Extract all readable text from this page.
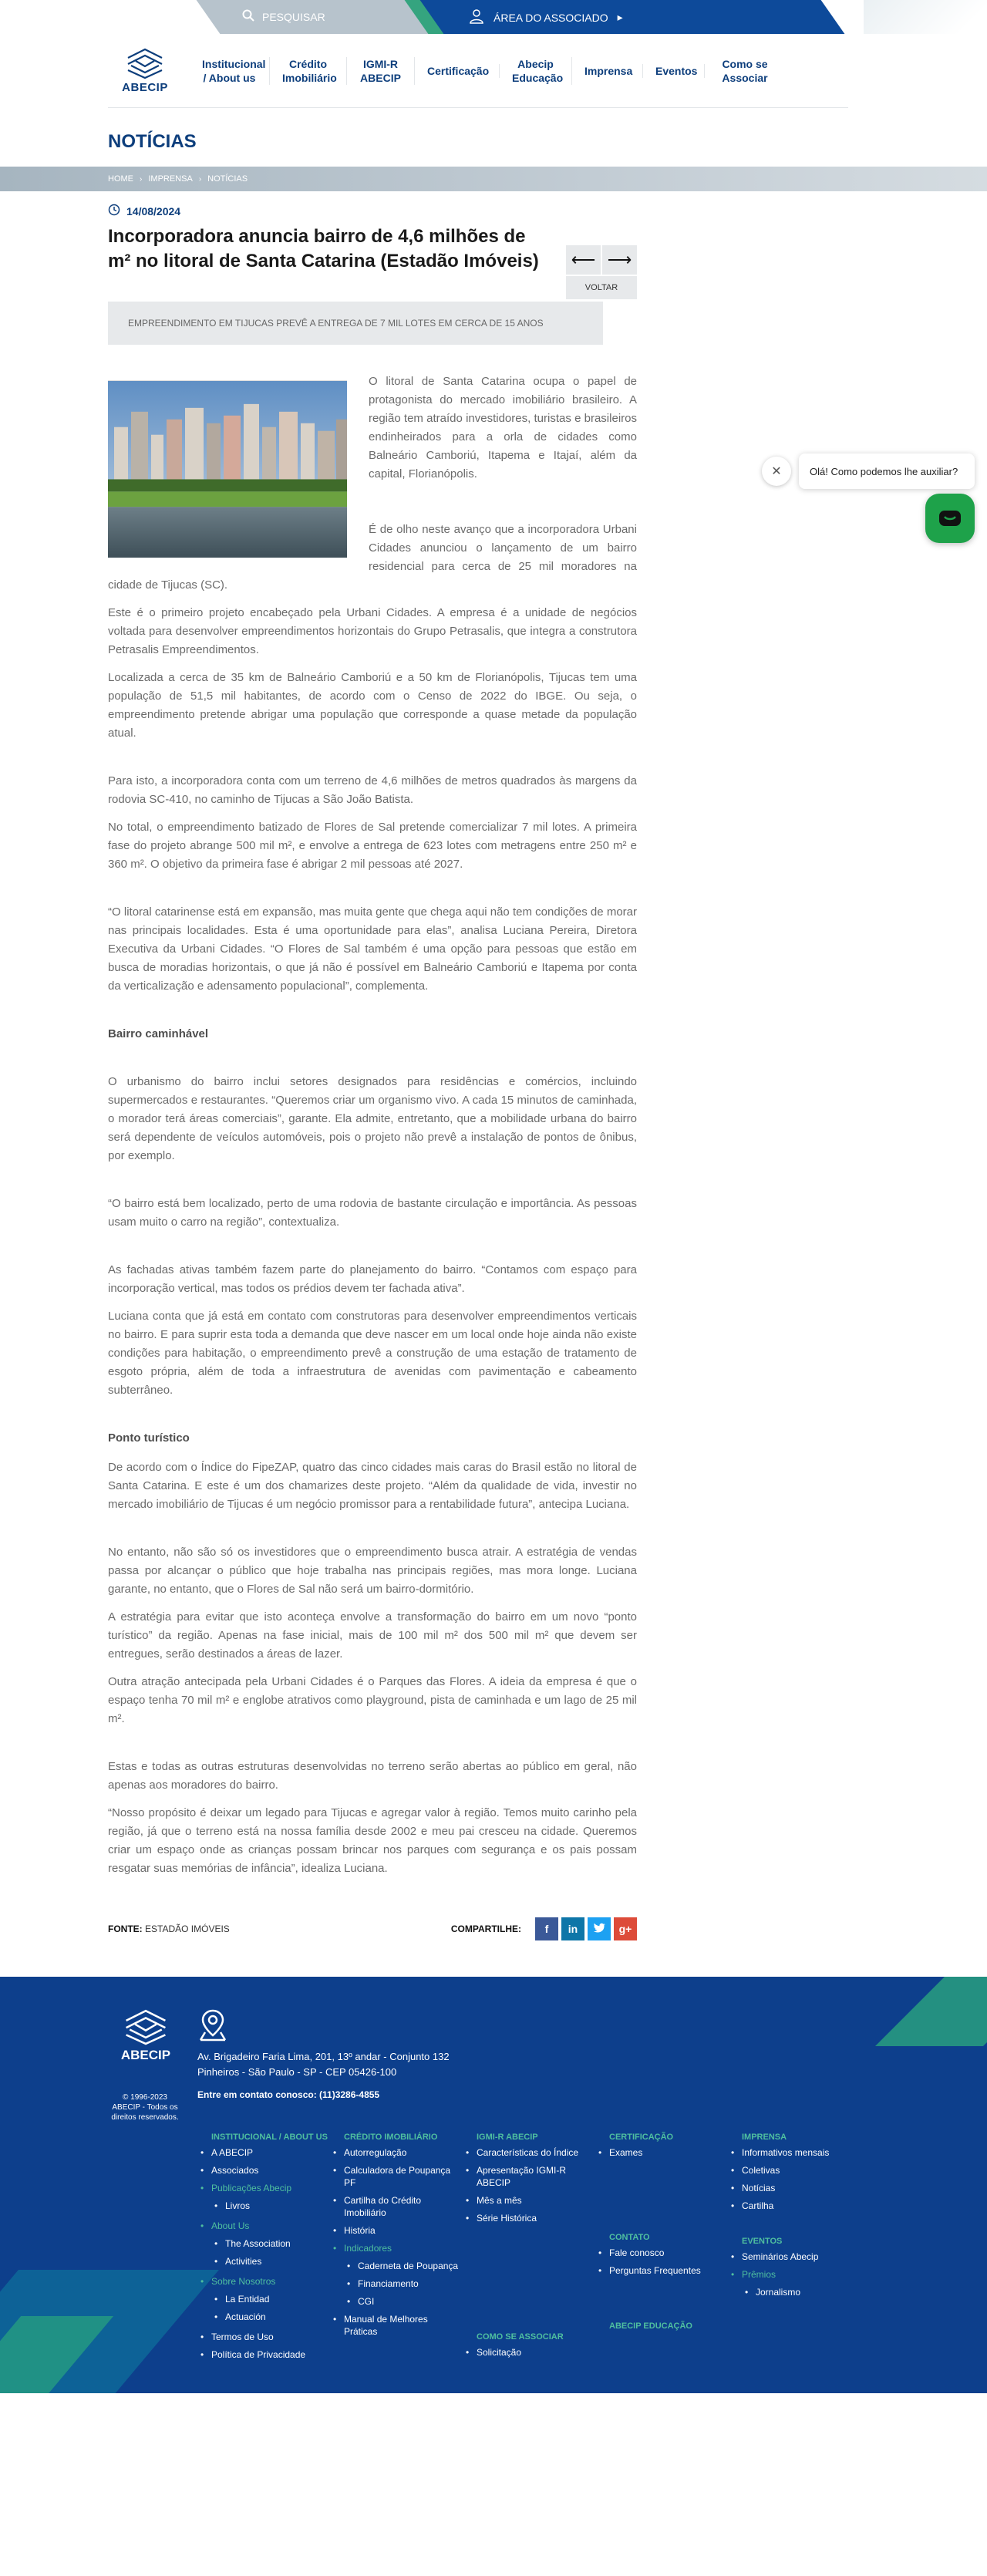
PESQUISAR	ÁREA DO ASSOCIADO ▸
ABECIP
Institucional / About us
Crédito Imobiliário
IGMI-R ABECIP
Certificação
Abecip Educação
Imprensa	Eventos
Como se Associar
NOTÍCIAS
HOME › IMPRENSA › NOTÍCIAS
14/08/2024
Incorporadora anuncia bairro de 4,6 milhões de m² no litoral de Santa Catarina (Estadão Imóveis) ⟵ ⟶
VOLTAR
EMPREENDIMENTO EM TIJUCAS PREVÊ A ENTREGA DE 7 MIL LOTES EM CERCA DE 15 ANOS

O litoral de Santa Catarina ocupa o papel de protagonista do mercado imobiliário brasileiro. A região tem atraído investidores, turistas e brasileiros endinheirados para a orla de cidades como Balneário Camboriú, Itapema e Itajaí, além da capital, Florianópolis.

É de olho neste avanço que a incorporadora Urbani Cidades anunciou o lançamento de um bairro residencial para cerca de 25 mil moradores na cidade de Tijucas (SC).

Este é o primeiro projeto encabeçado pela Urbani Cidades. A empresa é a unidade de negócios voltada para desenvolver empreendimentos horizontais do Grupo Petrasalis, que integra a construtora Petrasalis Empreendimentos.

Localizada a cerca de 35 km de Balneário Camboriú e a 50 km de Florianópolis, Tijucas tem uma população de 51,5 mil habitantes, de acordo com o Censo de 2022 do IBGE. Ou seja, o empreendimento pretende abrigar uma população que corresponde a quase metade da população atual.

Para isto, a incorporadora conta com um terreno de 4,6 milhões de metros quadrados às margens da rodovia SC-410, no caminho de Tijucas a São João Batista.

No total, o empreendimento batizado de Flores de Sal pretende comercializar 7 mil lotes. A primeira fase do projeto abrange 500 mil m², e envolve a entrega de 623 lotes com metragens entre 250 m² e 360 m². O objetivo da primeira fase é abrigar 2 mil pessoas até 2027.

“O litoral catarinense está em expansão, mas muita gente que chega aqui não tem condições de morar nas principais localidades. Esta é uma oportunidade para elas”, analisa Luciana Pereira, Diretora Executiva da Urbani Cidades. “O Flores de Sal também é uma opção para pessoas que estão em busca de moradias horizontais, o que já não é possível em Balneário Camboriú e Itapema por conta da verticalização e adensamento populacional”, complementa.

Bairro caminhável

O urbanismo do bairro inclui setores designados para residências e comércios, incluindo supermercados e restaurantes. “Queremos criar um organismo vivo. A cada 15 minutos de caminhada, o morador terá áreas comerciais”, garante. Ela admite, entretanto, que a mobilidade urbana do bairro será dependente de veículos automóveis, pois o projeto não prevê a instalação de pontos de ônibus, por exemplo.

“O bairro está bem localizado, perto de uma rodovia de bastante circulação e importância. As pessoas usam muito o carro na região”, contextualiza.

As fachadas ativas também fazem parte do planejamento do bairro. “Contamos com espaço para incorporação vertical, mas todos os prédios devem ter fachada ativa”.

Luciana conta que já está em contato com construtoras para desenvolver empreendimentos verticais no bairro. E para suprir esta toda a demanda que deve nascer em um local onde hoje ainda não existe condições para habitação, o empreendimento prevê a construção de uma estação de tratamento de esgoto própria, além de toda a infraestrutura de avenidas com pavimentação e cabeamento subterrâneo.

Ponto turístico

De acordo com o Índice do FipeZAP, quatro das cinco cidades mais caras do Brasil estão no litoral de Santa Catarina. E este é um dos chamarizes deste projeto. “Além da qualidade de vida, investir no mercado imobiliário de Tijucas é um negócio promissor para a rentabilidade futura”, antecipa Luciana.

No entanto, não são só os investidores que o empreendimento busca atrair. A estratégia de vendas passa por alcançar o público que hoje trabalha nas principais regiões, mas mora longe. Luciana garante, no entanto, que o Flores de Sal não será um bairro-dormitório.

A estratégia para evitar que isto aconteça envolve a transformação do bairro em um novo “ponto turístico” da região. Apenas na fase inicial, mais de 100 mil m² dos 500 mil m² que devem ser entregues, serão destinados a áreas de lazer.

Outra atração antecipada pela Urbani Cidades é o Parques das Flores. A ideia da empresa é que o espaço tenha 70 mil m² e englobe atrativos como playground, pista de caminhada e um lago de 25 mil m².

Estas e todas as outras estruturas desenvolvidas no terreno serão abertas ao público em geral, não apenas aos moradores do bairro.

“Nosso propósito é deixar um legado para Tijucas e agregar valor à região. Temos muito carinho pela região, já que o terreno está na nossa família desde 2002 e meu pai cresceu na cidade. Queremos criar um espaço onde as crianças possam brincar nos parques com segurança e os pais possam resgatar suas memórias de infância”, idealiza Luciana.

FONTE: ESTADÃO IMÓVEIS	COMPARTILHE: f in	g+
✕	Olá! Como podemos lhe auxiliar?
ABECIP
© 1996-2023
ABECIP - Todos os direitos reservados.
Av. Brigadeiro Faria Lima, 201, 13º andar - Conjunto 132
Pinheiros - São Paulo - SP - CEP 05426-100
Entre em contato conosco: (11)3286-4855
INSTITUCIONAL / ABOUT US
• A ABECIP
• Associados
• Publicações Abecip
• Livros
• About Us
• The Association
• Activities
• Sobre Nosotros
• La Entidad
• Actuación
• Termos de Uso
• Política de Privacidade
CRÉDITO IMOBILIÁRIO
• Autorregulação
• Calculadora de Poupança PF
• Cartilha do Crédito Imobiliário
• História
• Indicadores
• Caderneta de Poupança
• Financiamento
• CGI
• Manual de Melhores Práticas
IGMI-R ABECIP
• Características do Índice
• Apresentação IGMI-R ABECIP
• Mês a mês
• Série Histórica
COMO SE ASSOCIAR
• Solicitação
CERTIFICAÇÃO
• Exames
CONTATO
• Fale conosco
• Perguntas Frequentes
ABECIP EDUCAÇÃO
IMPRENSA
• Informativos mensais
• Coletivas
• Notícias
• Cartilha
EVENTOS
• Seminários Abecip
• Prêmios
• Jornalismo
